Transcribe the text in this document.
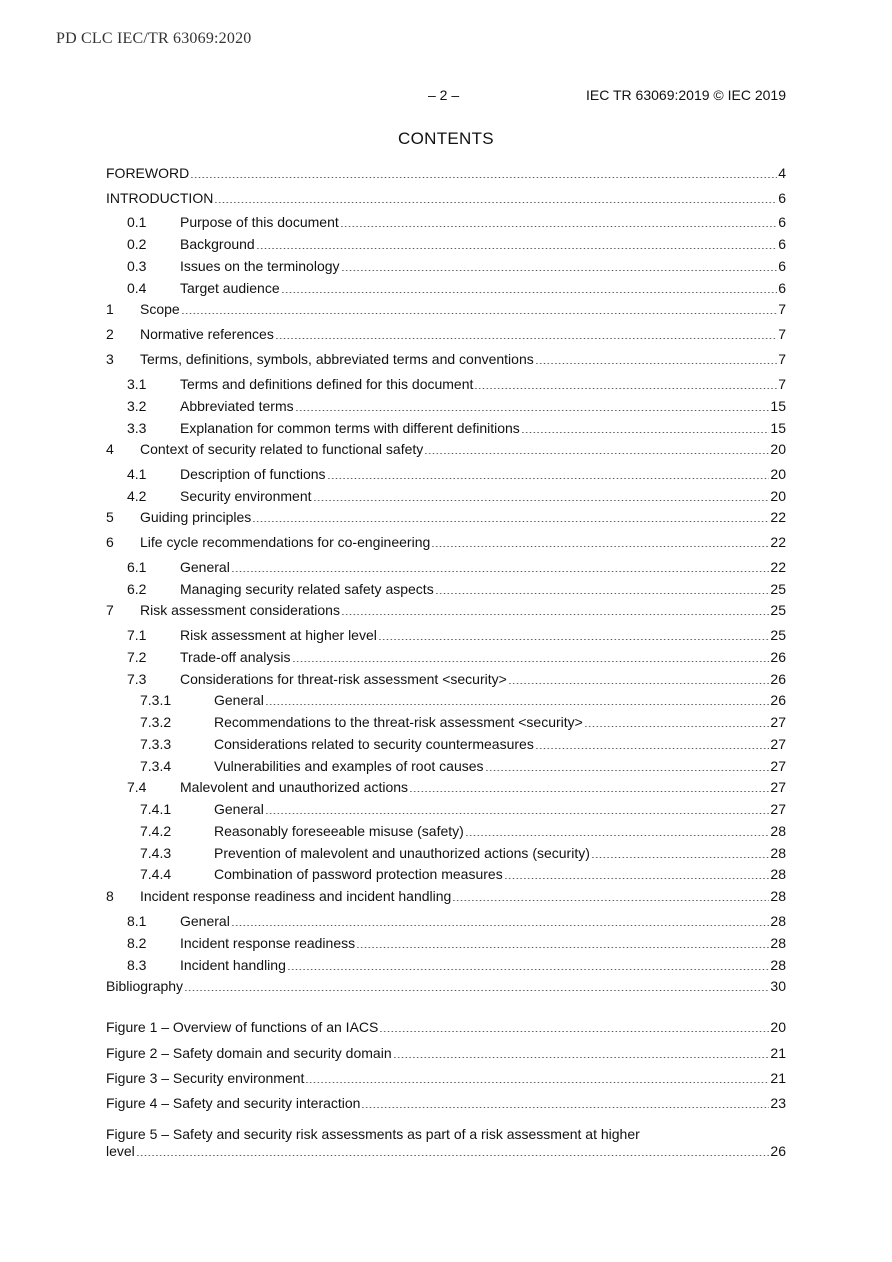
PD CLC IEC/TR 63069:2020
– 2 –	IEC TR 63069:2019 © IEC 2019
CONTENTS
FOREWORD	4
INTRODUCTION	6
0.1	Purpose of this document	6
0.2	Background	6
0.3	Issues on the terminology	6
0.4	Target audience	6
1	Scope	7
2	Normative references	7
3	Terms, definitions, symbols, abbreviated terms and conventions	7
3.1	Terms and definitions defined for this document	7
3.2	Abbreviated terms	15
3.3	Explanation for common terms with different definitions	15
4	Context of security related to functional safety	20
4.1	Description of functions	20
4.2	Security environment	20
5	Guiding principles	22
6	Life cycle recommendations for co-engineering	22
6.1	General	22
6.2	Managing security related safety aspects	25
7	Risk assessment considerations	25
7.1	Risk assessment at higher level	25
7.2	Trade-off analysis	26
7.3	Considerations for threat-risk assessment <security>	26
7.3.1	General	26
7.3.2	Recommendations to the threat-risk assessment <security>	27
7.3.3	Considerations related to security countermeasures	27
7.3.4	Vulnerabilities and examples of root causes	27
7.4	Malevolent and unauthorized actions	27
7.4.1	General	27
7.4.2	Reasonably foreseeable misuse (safety)	28
7.4.3	Prevention of malevolent and unauthorized actions (security)	28
7.4.4	Combination of password protection measures	28
8	Incident response readiness and incident handling	28
8.1	General	28
8.2	Incident response readiness	28
8.3	Incident handling	28
Bibliography	30
Figure 1 – Overview of functions of an IACS	20
Figure 2 – Safety domain and security domain	21
Figure 3 – Security environment	21
Figure 4 – Safety and security interaction	23
Figure 5 – Safety and security risk assessments as part of a risk assessment at higher
level	26
